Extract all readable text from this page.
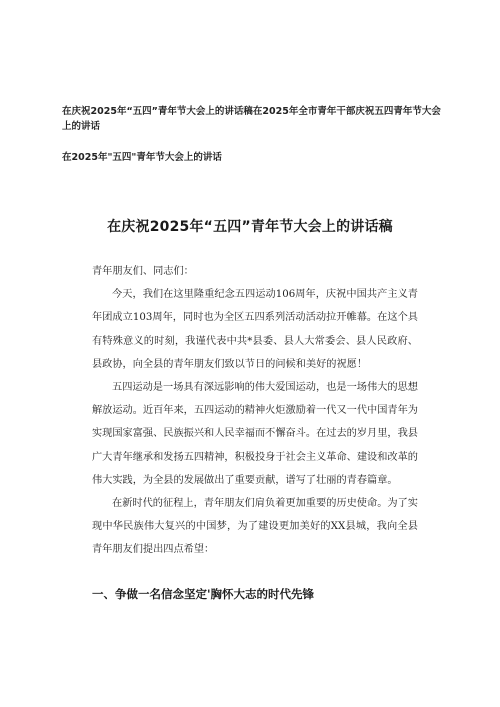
在庆祝2025年“五四”青年节大会上的讲话稿在2025年全市青年干部庆祝五四青年节大会上的讲话
在2025年"五四"青年节大会上的讲话
在庆祝2025年“五四”青年节大会上的讲话稿
青年朋友们、同志们：
今天，我们在这里隆重纪念五四运动106周年，庆祝中国共产主义青年团成立103周年，同时也为全区五四系列活动活动拉开帷幕。在这个具有特殊意义的时刻，我谨代表中共*县委、县人大常委会、县人民政府、县政协，向全县的青年朋友们致以节日的问候和美好的祝愿！
五四运动是一场具有深远影响的伟大爱国运动，也是一场伟大的思想解放运动。近百年来，五四运动的精神火炬激励着一代又一代中国青年为实现国家富强、民族振兴和人民幸福而不懈奋斗。在过去的岁月里，我县广大青年继承和发扬五四精神，积极投身于社会主义革命、建设和改革的伟大实践，为全县的发展做出了重要贡献，谱写了壮丽的青春篇章。
在新时代的征程上，青年朋友们肩负着更加重要的历史使命。为了实现中华民族伟大复兴的中国梦，为了建设更加美好的XX县城，我向全县青年朋友们提出四点希望：
一、争做一名信念坚定'胸怀大志的时代先锋
